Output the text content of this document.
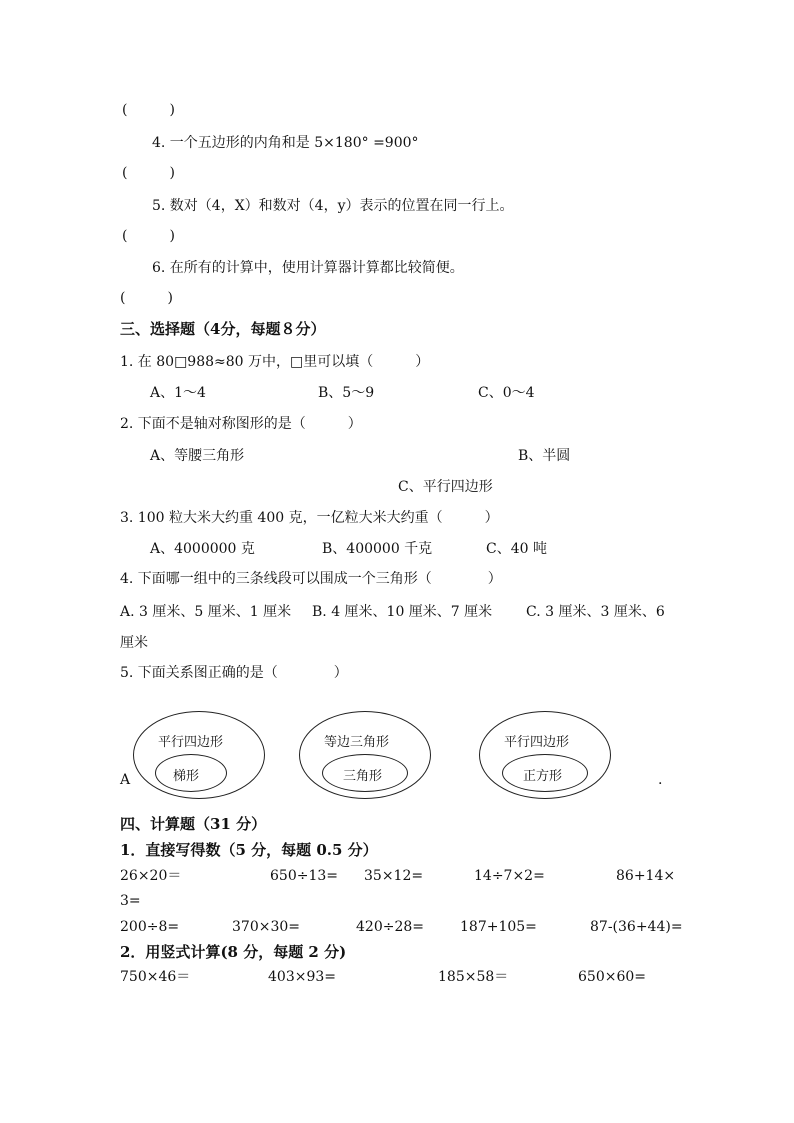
(　　　)
4. 一个五边形的内角和是 5×180° =900°
(　　　)
5. 数对（4，X）和数对（4，y）表示的位置在同一行上。
(　　　)
6. 在所有的计算中，使用计算器计算都比较简便。
(　　　)
三、选择题（4分，每题８分）
1. 在 80□988≈80 万中，□里可以填（　　　）
A、1～4	B、5～9	C、0～4
2. 下面不是轴对称图形的是（　　　）
A、等腰三角形	B、半圆
C、平行四边形
3. 100 粒大米大约重 400 克，一亿粒大米大约重（　　　）
A、4000000 克	B、400000 千克	C、40 吨
4. 下面哪一组中的三条线段可以围成一个三角形（　　　　）
A. 3 厘米、5 厘米、1 厘米 B. 4 厘米、10 厘米、7 厘米 C. 3 厘米、3 厘米、6
厘米
5. 下面关系图正确的是（　　　　）
A
平行四边形
梯形
等边三角形
三角形
平行四边形
正方形	.
四、计算题（31 分）
1．直接写得数（5 分，每题 0.5 分）
26×20＝	650÷13= 35×12=	14÷7×2=	86+14×
3=
200÷8=	370×30=	420÷28=	187+105=	87-(36+44)=
2．用竖式计算(8 分，每题 2 分)
750×46＝	403×93=	185×58＝	650×60=
